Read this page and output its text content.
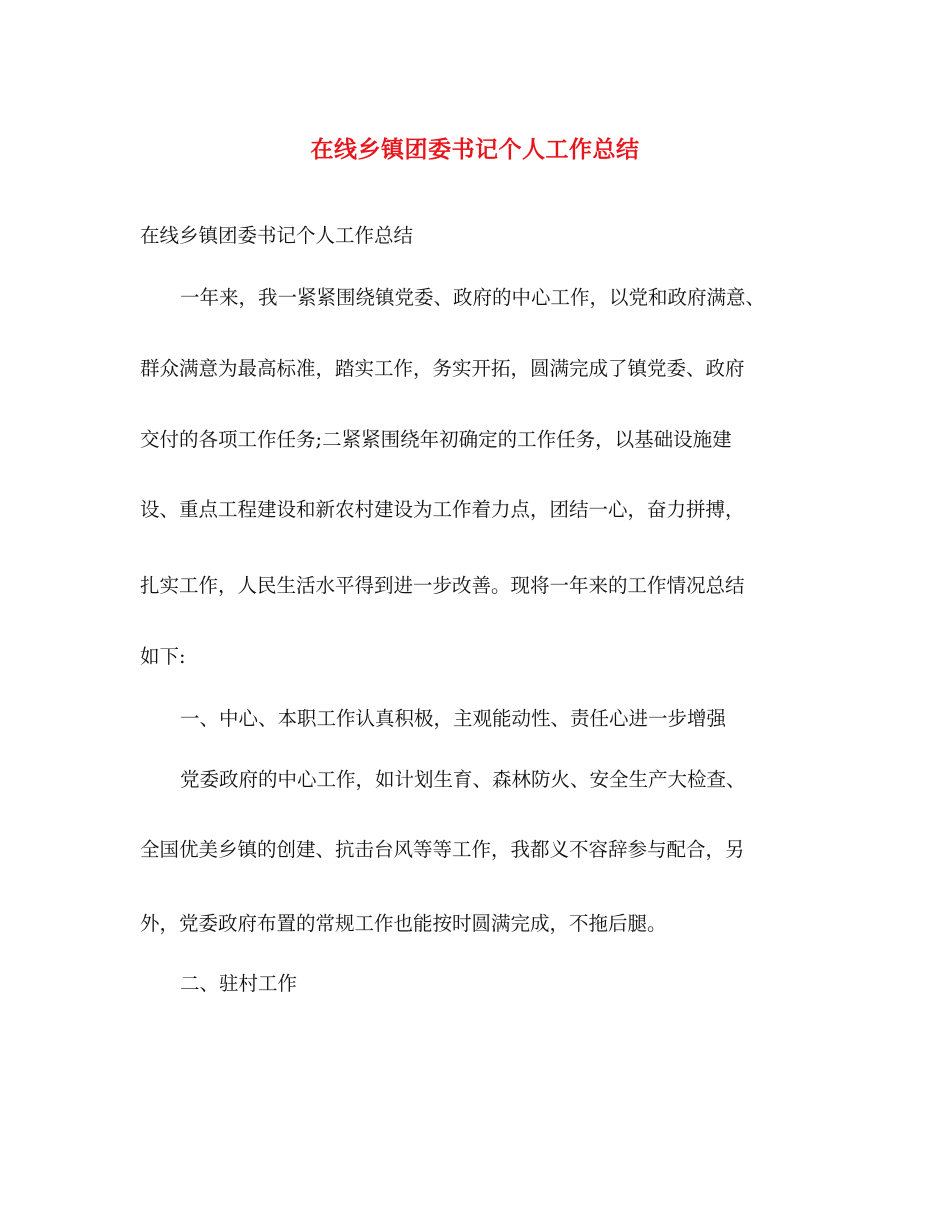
在线乡镇团委书记个人工作总结
在线乡镇团委书记个人工作总结
一年来，我一紧紧围绕镇党委、政府的中心工作，以党和政府满意、
群众满意为最高标准，踏实工作，务实开拓，圆满完成了镇党委、政府
交付的各项工作任务;二紧紧围绕年初确定的工作任务，以基础设施建
设、重点工程建设和新农村建设为工作着力点，团结一心，奋力拼搏，
扎实工作，人民生活水平得到进一步改善。现将一年来的工作情况总结
如下:
一、中心、本职工作认真积极，主观能动性、责任心进一步增强
党委政府的中心工作，如计划生育、森林防火、安全生产大检查、
全国优美乡镇的创建、抗击台风等等工作，我都义不容辞参与配合，另
外，党委政府布置的常规工作也能按时圆满完成，不拖后腿。
二、驻村工作
